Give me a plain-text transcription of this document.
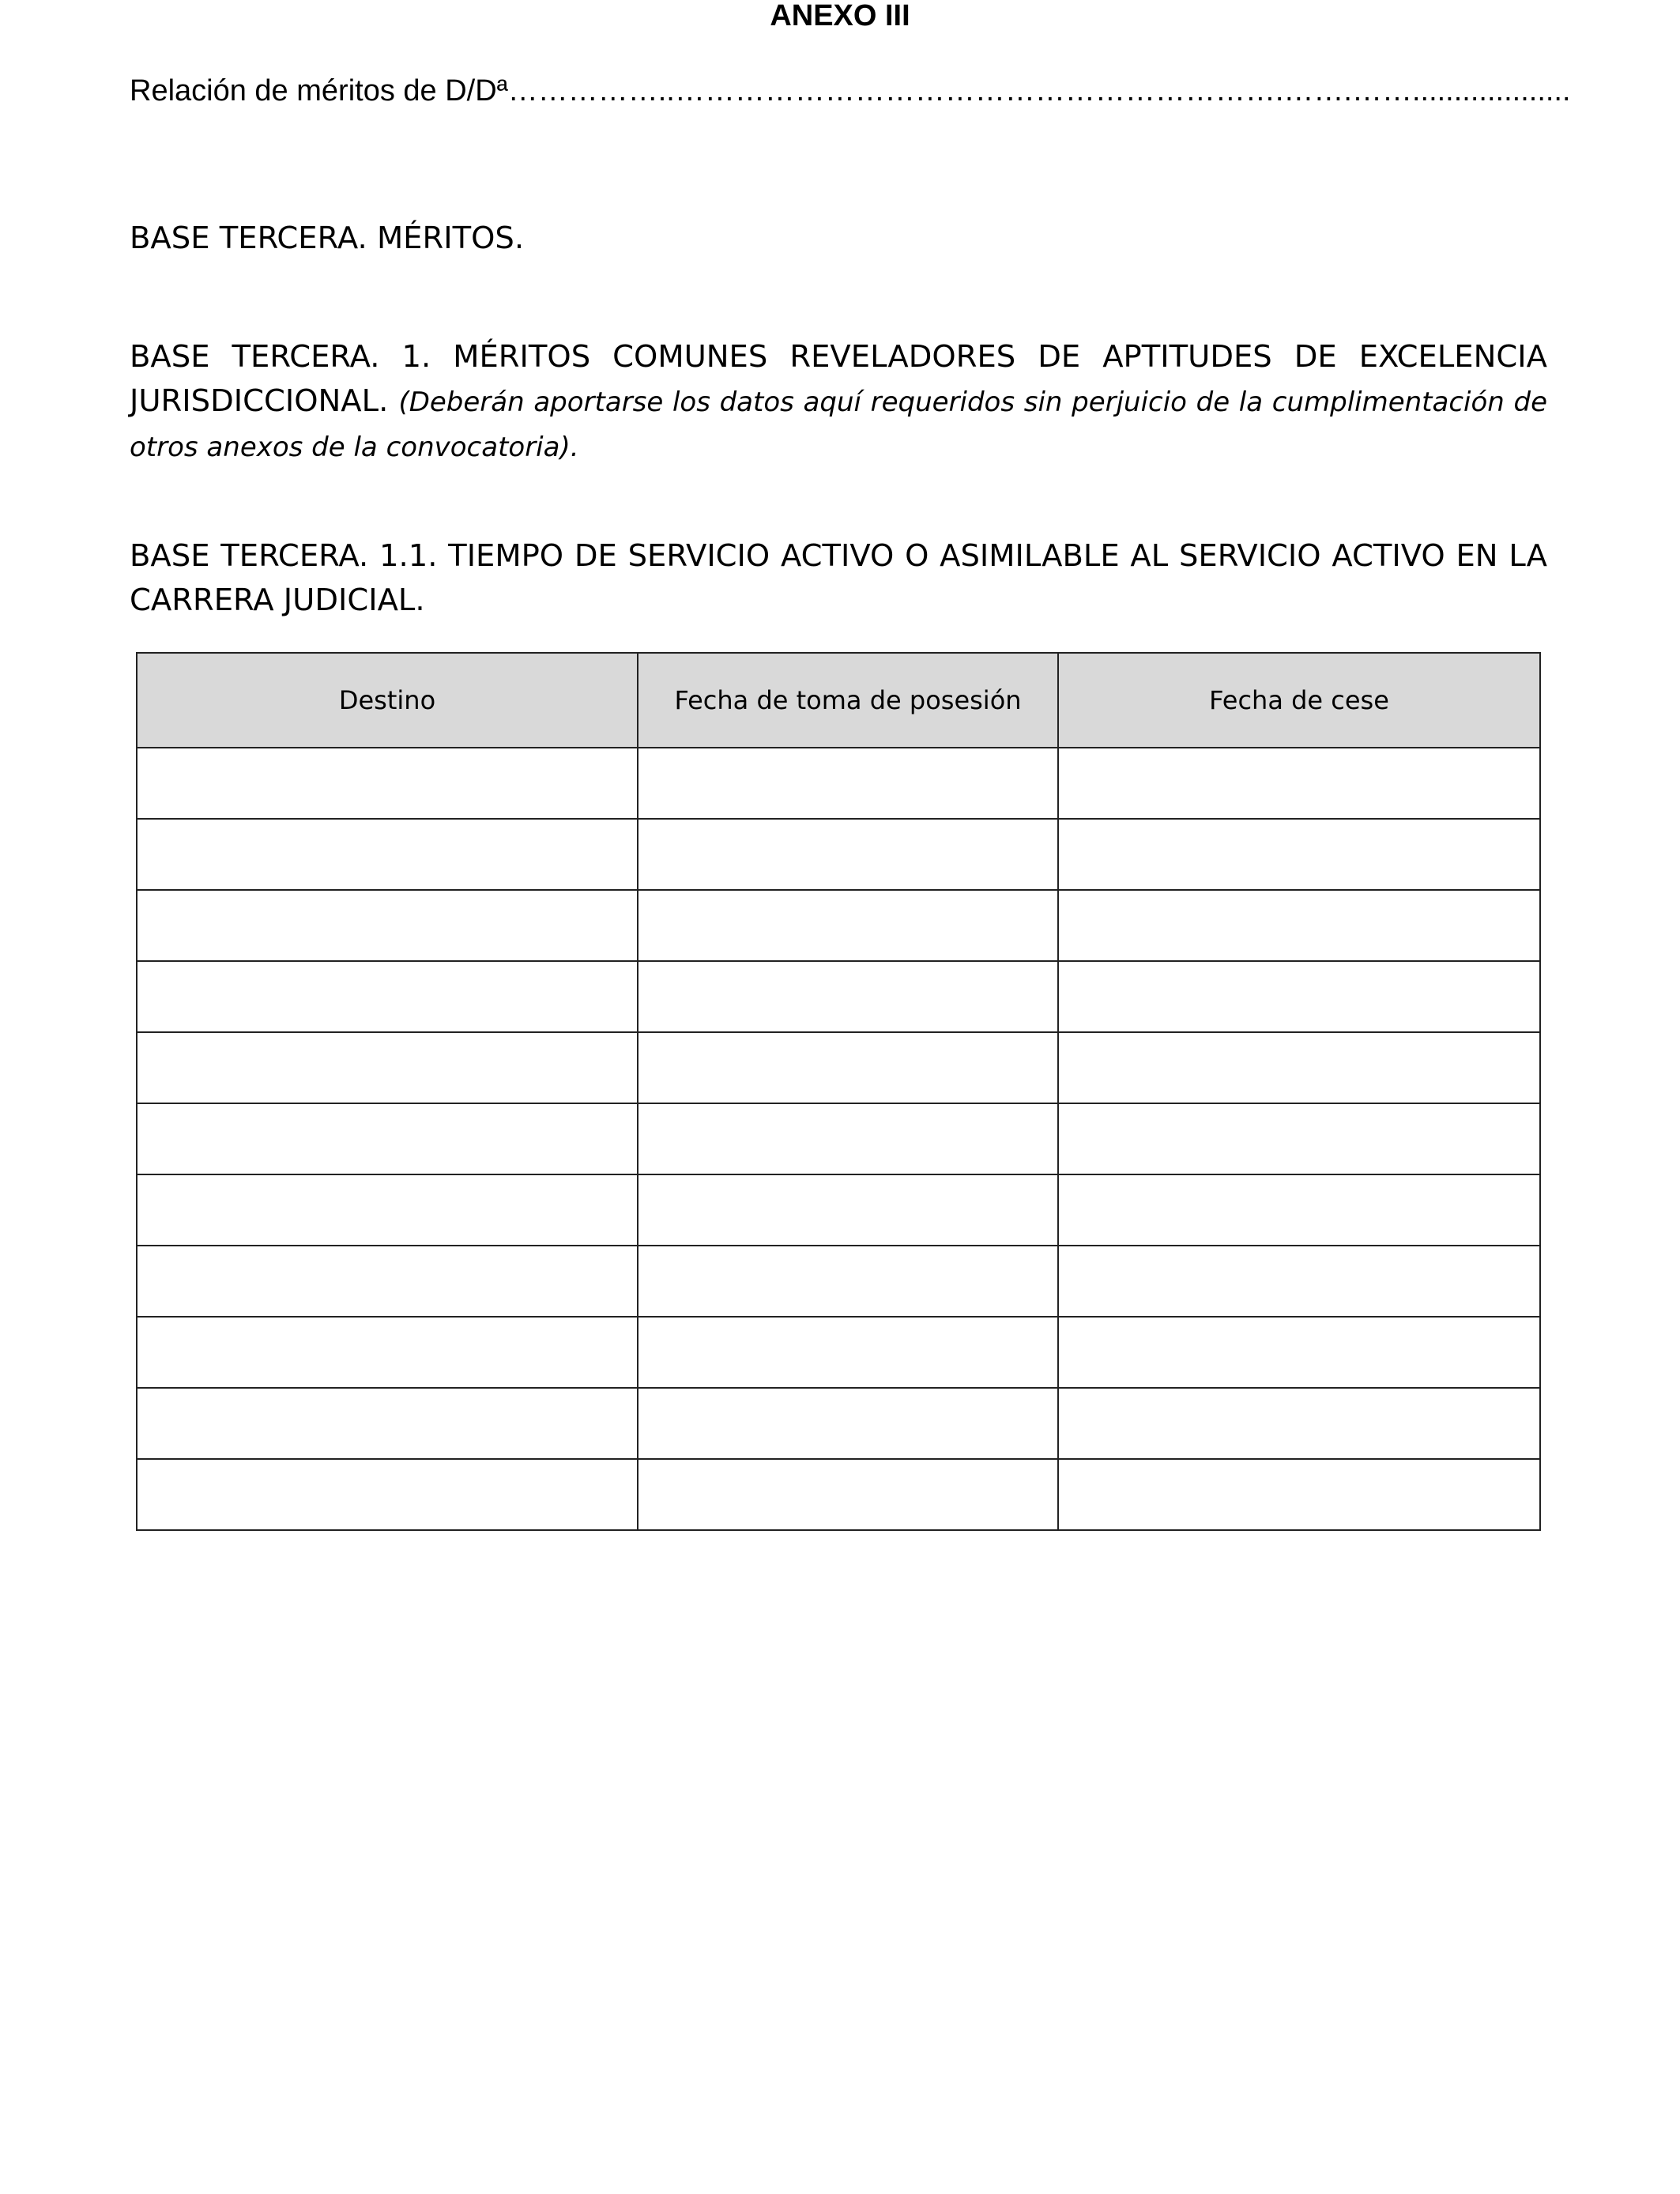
ANEXO III
Relación de méritos de D/Dª……………..…………………………………………………….…….……...................
BASE TERCERA. MÉRITOS.
BASE TERCERA. 1. MÉRITOS COMUNES REVELADORES DE APTITUDES DE EXCELENCIA JURISDICCIONAL. (Deberán aportarse los datos aquí requeridos sin perjuicio de la cumplimentación de otros anexos de la convocatoria).
BASE TERCERA. 1.1. TIEMPO DE SERVICIO ACTIVO O ASIMILABLE AL SERVICIO ACTIVO EN LA CARRERA JUDICIAL.
Destino	Fecha de toma de posesión	Fecha de cese
